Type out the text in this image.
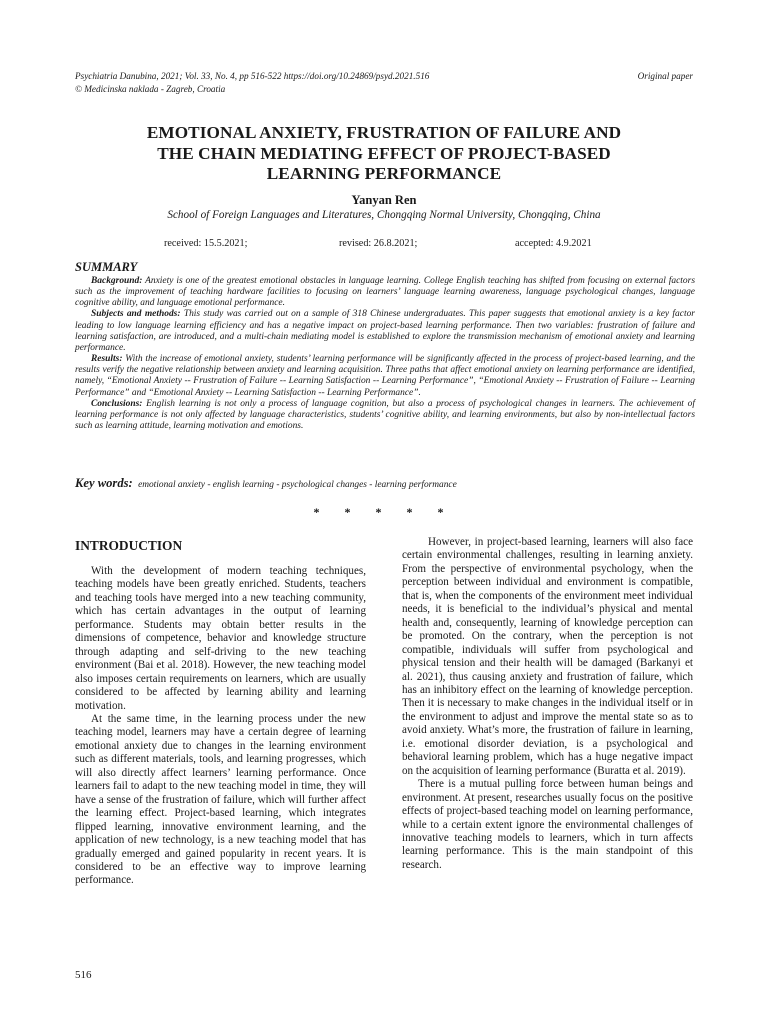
Psychiatria Danubina, 2021; Vol. 33, No. 4, pp 516-522 https://doi.org/10.24869/psyd.2021.516	Original paper
© Medicinska naklada - Zagreb, Croatia
EMOTIONAL ANXIETY, FRUSTRATION OF FAILURE AND
THE CHAIN MEDIATING EFFECT OF PROJECT-BASED
LEARNING PERFORMANCE
Yanyan Ren
School of Foreign Languages and Literatures, Chongqing Normal University, Chongqing, China
received: 15.5.2021;	revised: 26.8.2021;	accepted: 4.9.2021
SUMMARY

Background: Anxiety is one of the greatest emotional obstacles in language learning. College English teaching has shifted from focusing on external factors such as the improvement of teaching hardware facilities to focusing on learners’ language learning awareness, language psychological changes, language cognitive ability, and language emotional performance.

Subjects and methods: This study was carried out on a sample of 318 Chinese undergraduates. This paper suggests that emotional anxiety is a key factor leading to low language learning efficiency and has a negative impact on project-based learning performance. Then two variables: frustration of failure and learning satisfaction, are introduced, and a multi-chain mediating model is established to explore the transmission mechanism of emotional anxiety and learning performance.

Results: With the increase of emotional anxiety, students’ learning performance will be significantly affected in the process of project-based learning, and the results verify the negative relationship between anxiety and learning acquisition. Three paths that affect emotional anxiety on learning performance are identified, namely, “Emotional Anxiety -- Frustration of Failure -- Learning Satisfaction -- Learning Performance”, “Emotional Anxiety -- Frustration of Failure -- Learning Performance” and “Emotional Anxiety -- Learning Satisfaction -- Learning Performance”.

Conclusions: English learning is not only a process of language cognition, but also a process of psychological changes in learners. The achievement of learning performance is not only affected by language characteristics, students’ cognitive ability, and learning environments, but also by non-intellectual factors such as learning attitude, learning motivation and emotions.

Key words: emotional anxiety - english learning - psychological changes - learning performance
* * * * *
INTRODUCTION

With the development of modern teaching techniques, teaching models have been greatly enriched. Students, teachers and teaching tools have merged into a new teaching community, which has certain advantages in the output of learning performance. Students may obtain better results in the dimensions of competence, behavior and knowledge structure through adapting and self-driving to the new teaching environment (Bai et al. 2018). However, the new teaching model also imposes certain requirements on learners, which are usually considered to be affected by learning ability and learning motivation.

At the same time, in the learning process under the new teaching model, learners may have a certain degree of learning emotional anxiety due to changes in the learning environment such as different materials, tools, and learning progresses, which will also directly affect learners’ learning performance. Once learners fail to adapt to the new teaching model in time, they will have a sense of the frustration of failure, which will further affect the learning effect. Project-based learning, which integrates flipped learning, innovative environment learning, and the application of new technology, is a new teaching model that has gradually emerged and gained popularity in recent years. It is considered to be an effective way to improve learning performance.

However, in project-based learning, learners will also face certain environmental challenges, resulting in learning anxiety. From the perspective of environmental psychology, when the perception between individual and environment is compatible, that is, when the components of the environment meet individual needs, it is beneficial to the individual’s physical and mental health and, consequently, learning of knowledge perception can be promoted. On the contrary, when the perception is not compatible, individuals will suffer from psychological and physical tension and their health will be damaged (Barkanyi et al. 2021), thus causing anxiety and frustration of failure, which has an inhibitory effect on the learning of knowledge perception. Then it is necessary to make changes in the individual itself or in the environment to adjust and improve the mental state so as to avoid anxiety. What’s more, the frustration of failure in learning, i.e. emotional disorder deviation, is a psychological and behavioral learning problem, which has a huge negative impact on the acquisition of learning performance (Buratta et al. 2019).

There is a mutual pulling force between human beings and environment. At present, researches usually focus on the positive effects of project-based teaching model on learning performance, while to a certain extent ignore the environmental challenges of innovative teaching models to learners, which in turn affects learning performance. This is the main standpoint of this research.

516
